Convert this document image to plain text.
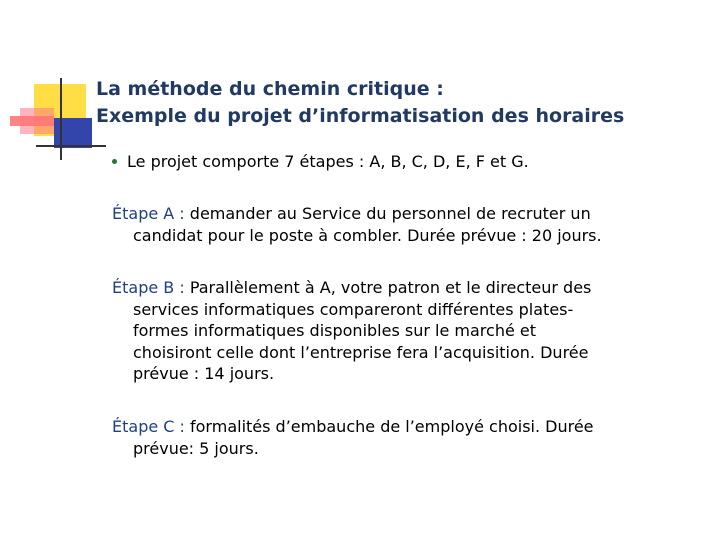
La méthode du chemin critique :
Exemple du projet d’informatisation des horaires
Le projet comporte 7 étapes : A, B, C, D, E, F et G.
Étape A : demander au Service du personnel de recruter un
candidat pour le poste à combler. Durée prévue : 20 jours.
Étape B : Parallèlement à A, votre patron et le directeur des
services informatiques compareront différentes plates-
formes informatiques disponibles sur le marché et
choisiront celle dont l’entreprise fera l’acquisition. Durée
prévue : 14 jours.
Étape C : formalités d’embauche de l’employé choisi. Durée
prévue: 5 jours.
